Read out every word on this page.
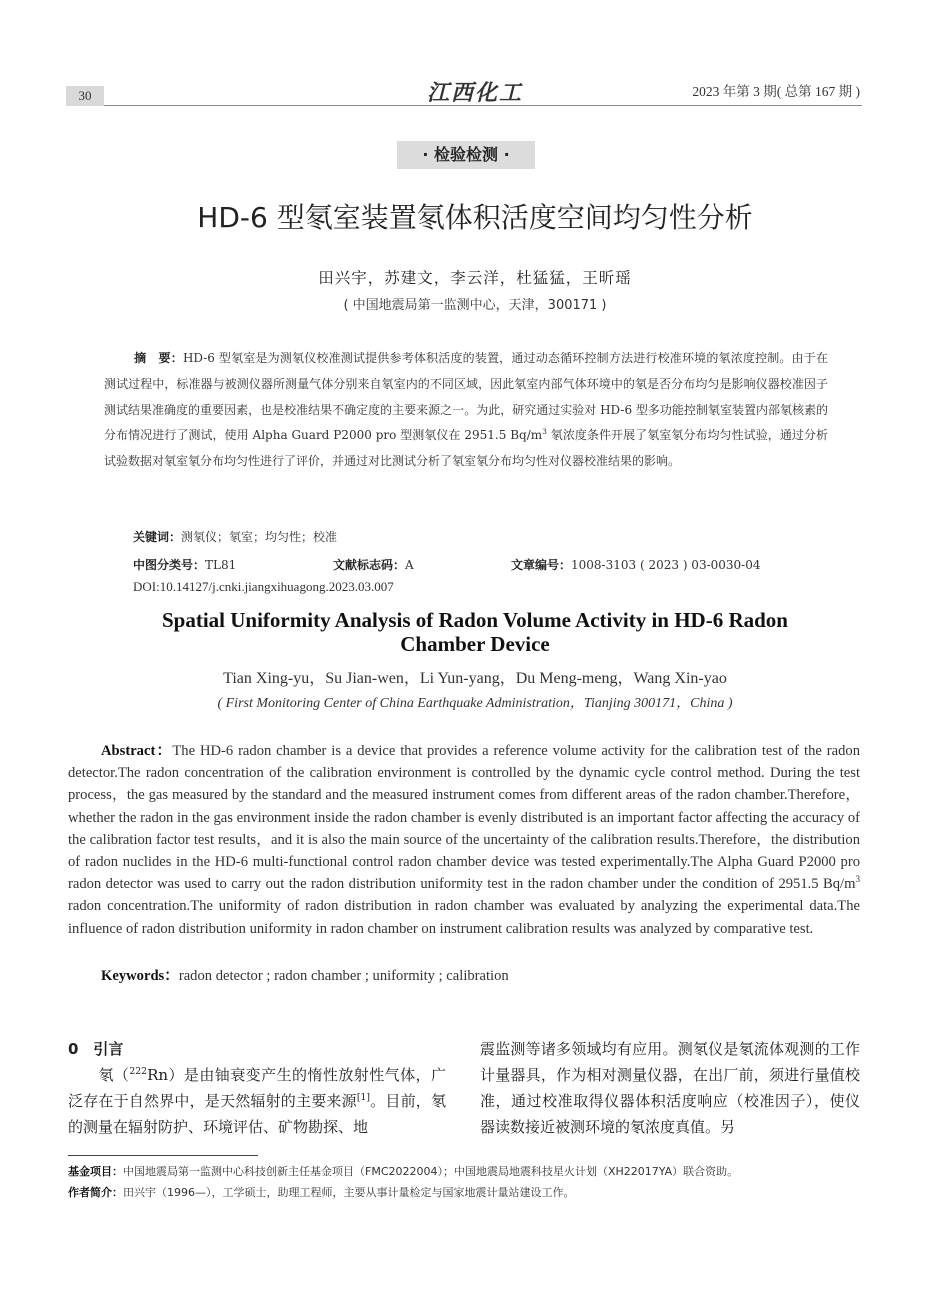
30	江西化工	2023 年第 3 期( 总第 167 期 )
· 检验检测 ·
HD-6 型氡室装置氡体积活度空间均匀性分析
田兴宇，苏建文，李云洋，杜猛猛，王昕瑶
( 中国地震局第一监测中心，天津，300171 )
摘　要：HD-6 型氡室是为测氡仪校准测试提供参考体积活度的装置，通过动态循环控制方法进行校准环境的氡浓度控制。由于在测试过程中，标准器与被测仪器所测量气体分别来自氡室内的不同区域，因此氡室内部气体环境中的氡是否分布均匀是影响仪器校准因子测试结果准确度的重要因素，也是校准结果不确定度的主要来源之一。为此，研究通过实验对 HD-6 型多功能控制氡室装置内部氡核素的分布情况进行了测试，使用 Alpha Guard P2000 pro 型测氡仪在 2951.5 $Bq/m^3$ 氡浓度条件开展了氡室氡分布均匀性试验，通过分析试验数据对氡室氡分布均匀性进行了评价，并通过对比测试分析了氡室氡分布均匀性对仪器校准结果的影响。
关键词：测氡仪；氡室；均匀性；校准
中图分类号：TL81	文献标志码：A	文章编号：1008-3103 ( 2023 ) 03-0030-04
DOI:10.14127/j.cnki.jiangxihuagong.2023.03.007
Spatial Uniformity Analysis of Radon Volume Activity in HD-6 Radon
Chamber Device
Tian Xing-yu，Su Jian-wen，Li Yun-yang，Du Meng-meng，Wang Xin-yao
( First Monitoring Center of China Earthquake Administration，Tianjing 300171，China )
Abstract：The HD-6 radon chamber is a device that provides a reference volume activity for the calibration test of the radon detector.The radon concentration of the calibration environment is controlled by the dynamic cycle control method. During the test process，the gas measured by the standard and the measured instrument comes from different areas of the radon chamber.Therefore，whether the radon in the gas environment inside the radon chamber is evenly distributed is an important factor affecting the accuracy of the calibration factor test results，and it is also the main source of the uncertainty of the calibration results.Therefore，the distribution of radon nuclides in the HD-6 multi-functional control radon chamber device was tested experimentally.The Alpha Guard P2000 pro radon detector was used to carry out the radon distribution uniformity test in the radon chamber under the condition of 2951.5 $Bq/m^3$ radon concentration.The uniformity of radon distribution in radon chamber was evaluated by analyzing the experimental data.The influence of radon distribution uniformity in radon chamber on instrument calibration results was analyzed by comparative test.
Keywords：radon detector ; radon chamber ; uniformity ; calibration
0　引言
氡（$^{222}$Rn）是由铀衰变产生的惰性放射性气体，广泛存在于自然界中，是天然辐射的主要来源[1]。目前，氡的测量在辐射防护、环境评估、矿物勘探、地
震监测等诸多领域均有应用。测氡仪是氡流体观测的工作计量器具，作为相对测量仪器，在出厂前，须进行量值校准，通过校准取得仪器体积活度响应（校准因子），使仪器读数接近被测环境的氡浓度真值。另
基金项目：中国地震局第一监测中心科技创新主任基金项目（FMC2022004）；中国地震局地震科技星火计划（XH22017YA）联合资助。
作者简介：田兴宇（1996—），工学硕士，助理工程师，主要从事计量检定与国家地震计量站建设工作。
